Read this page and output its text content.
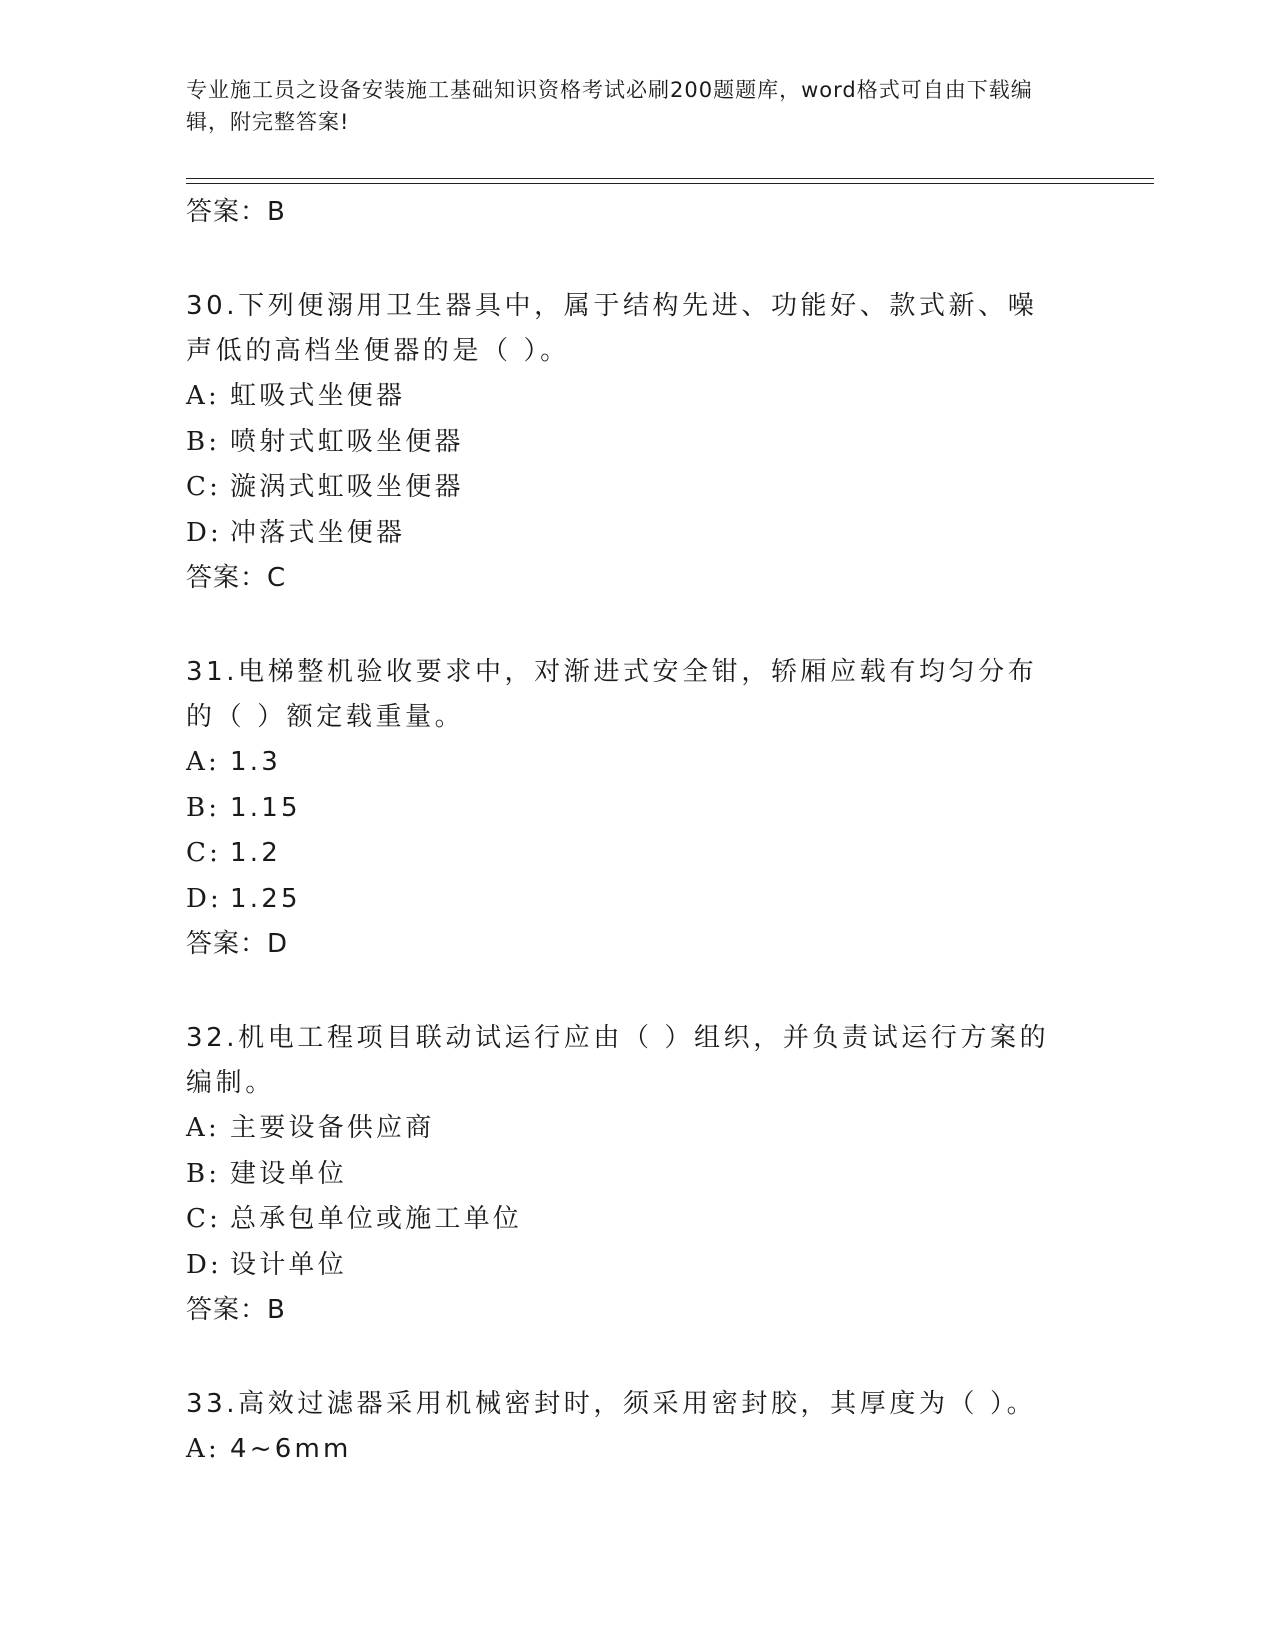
专业施工员之设备安装施工基础知识资格考试必刷200题题库，word格式可自由下载编辑，附完整答案!
答案：B
30.下列便溺用卫生器具中，属于结构先进、功能好、款式新、噪声低的高档坐便器的是（ ）。
A: 虹吸式坐便器
B: 喷射式虹吸坐便器
C: 漩涡式虹吸坐便器
D: 冲落式坐便器
答案：C
31.电梯整机验收要求中，对渐进式安全钳，轿厢应载有均匀分布的（ ）额定载重量。
A: 1.3
B: 1.15
C: 1.2
D: 1.25
答案：D
32.机电工程项目联动试运行应由（ ）组织，并负责试运行方案的编制。
A: 主要设备供应商
B: 建设单位
C: 总承包单位或施工单位
D: 设计单位
答案：B
33.高效过滤器采用机械密封时，须采用密封胶，其厚度为（ ）。
A: 4~6mm
